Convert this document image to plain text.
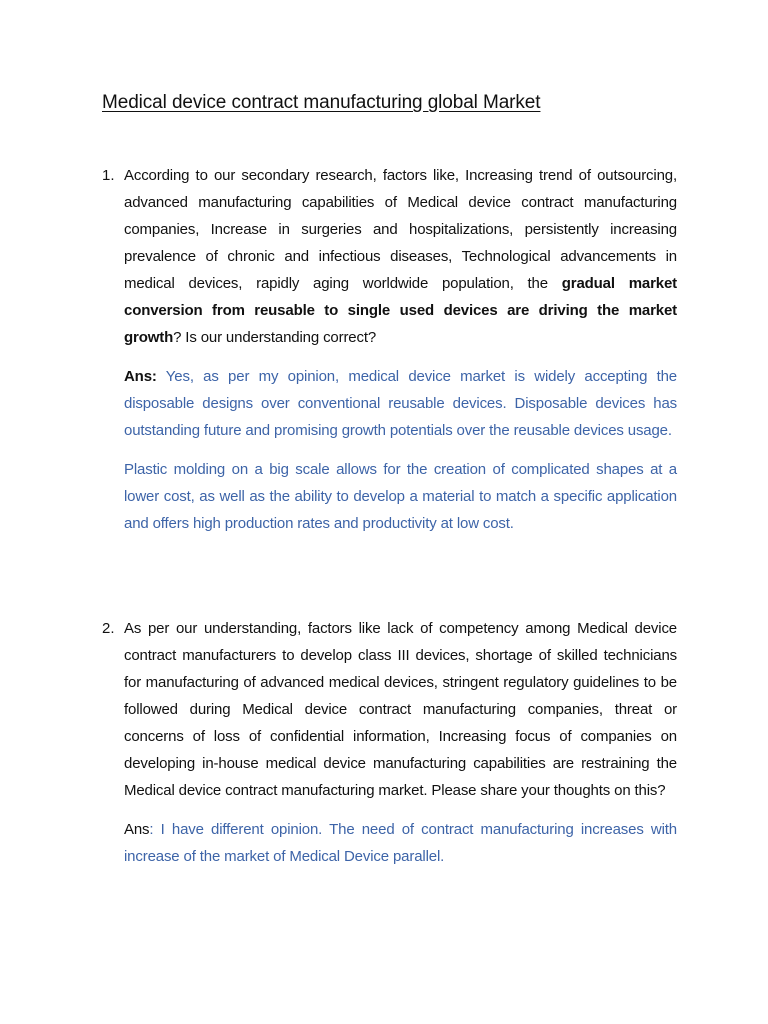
Medical device contract manufacturing global Market
1. According to our secondary research, factors like, Increasing trend of outsourcing, advanced manufacturing capabilities of Medical device contract manufacturing companies, Increase in surgeries and hospitalizations, persistently increasing prevalence of chronic and infectious diseases, Technological advancements in medical devices, rapidly aging worldwide population, the gradual market conversion from reusable to single used devices are driving the market growth? Is our understanding correct?

Ans: Yes, as per my opinion, medical device market is widely accepting the disposable designs over conventional reusable devices. Disposable devices has outstanding future and promising growth potentials over the reusable devices usage.

Plastic molding on a big scale allows for the creation of complicated shapes at a lower cost, as well as the ability to develop a material to match a specific application and offers high production rates and productivity at low cost.

2. As per our understanding, factors like lack of competency among Medical device contract manufacturers to develop class III devices, shortage of skilled technicians for manufacturing of advanced medical devices, stringent regulatory guidelines to be followed during Medical device contract manufacturing companies, threat or concerns of loss of confidential information, Increasing focus of companies on developing in-house medical device manufacturing capabilities are restraining the Medical device contract manufacturing market. Please share your thoughts on this?

Ans: I have different opinion. The need of contract manufacturing increases with increase of the market of Medical Device parallel.
